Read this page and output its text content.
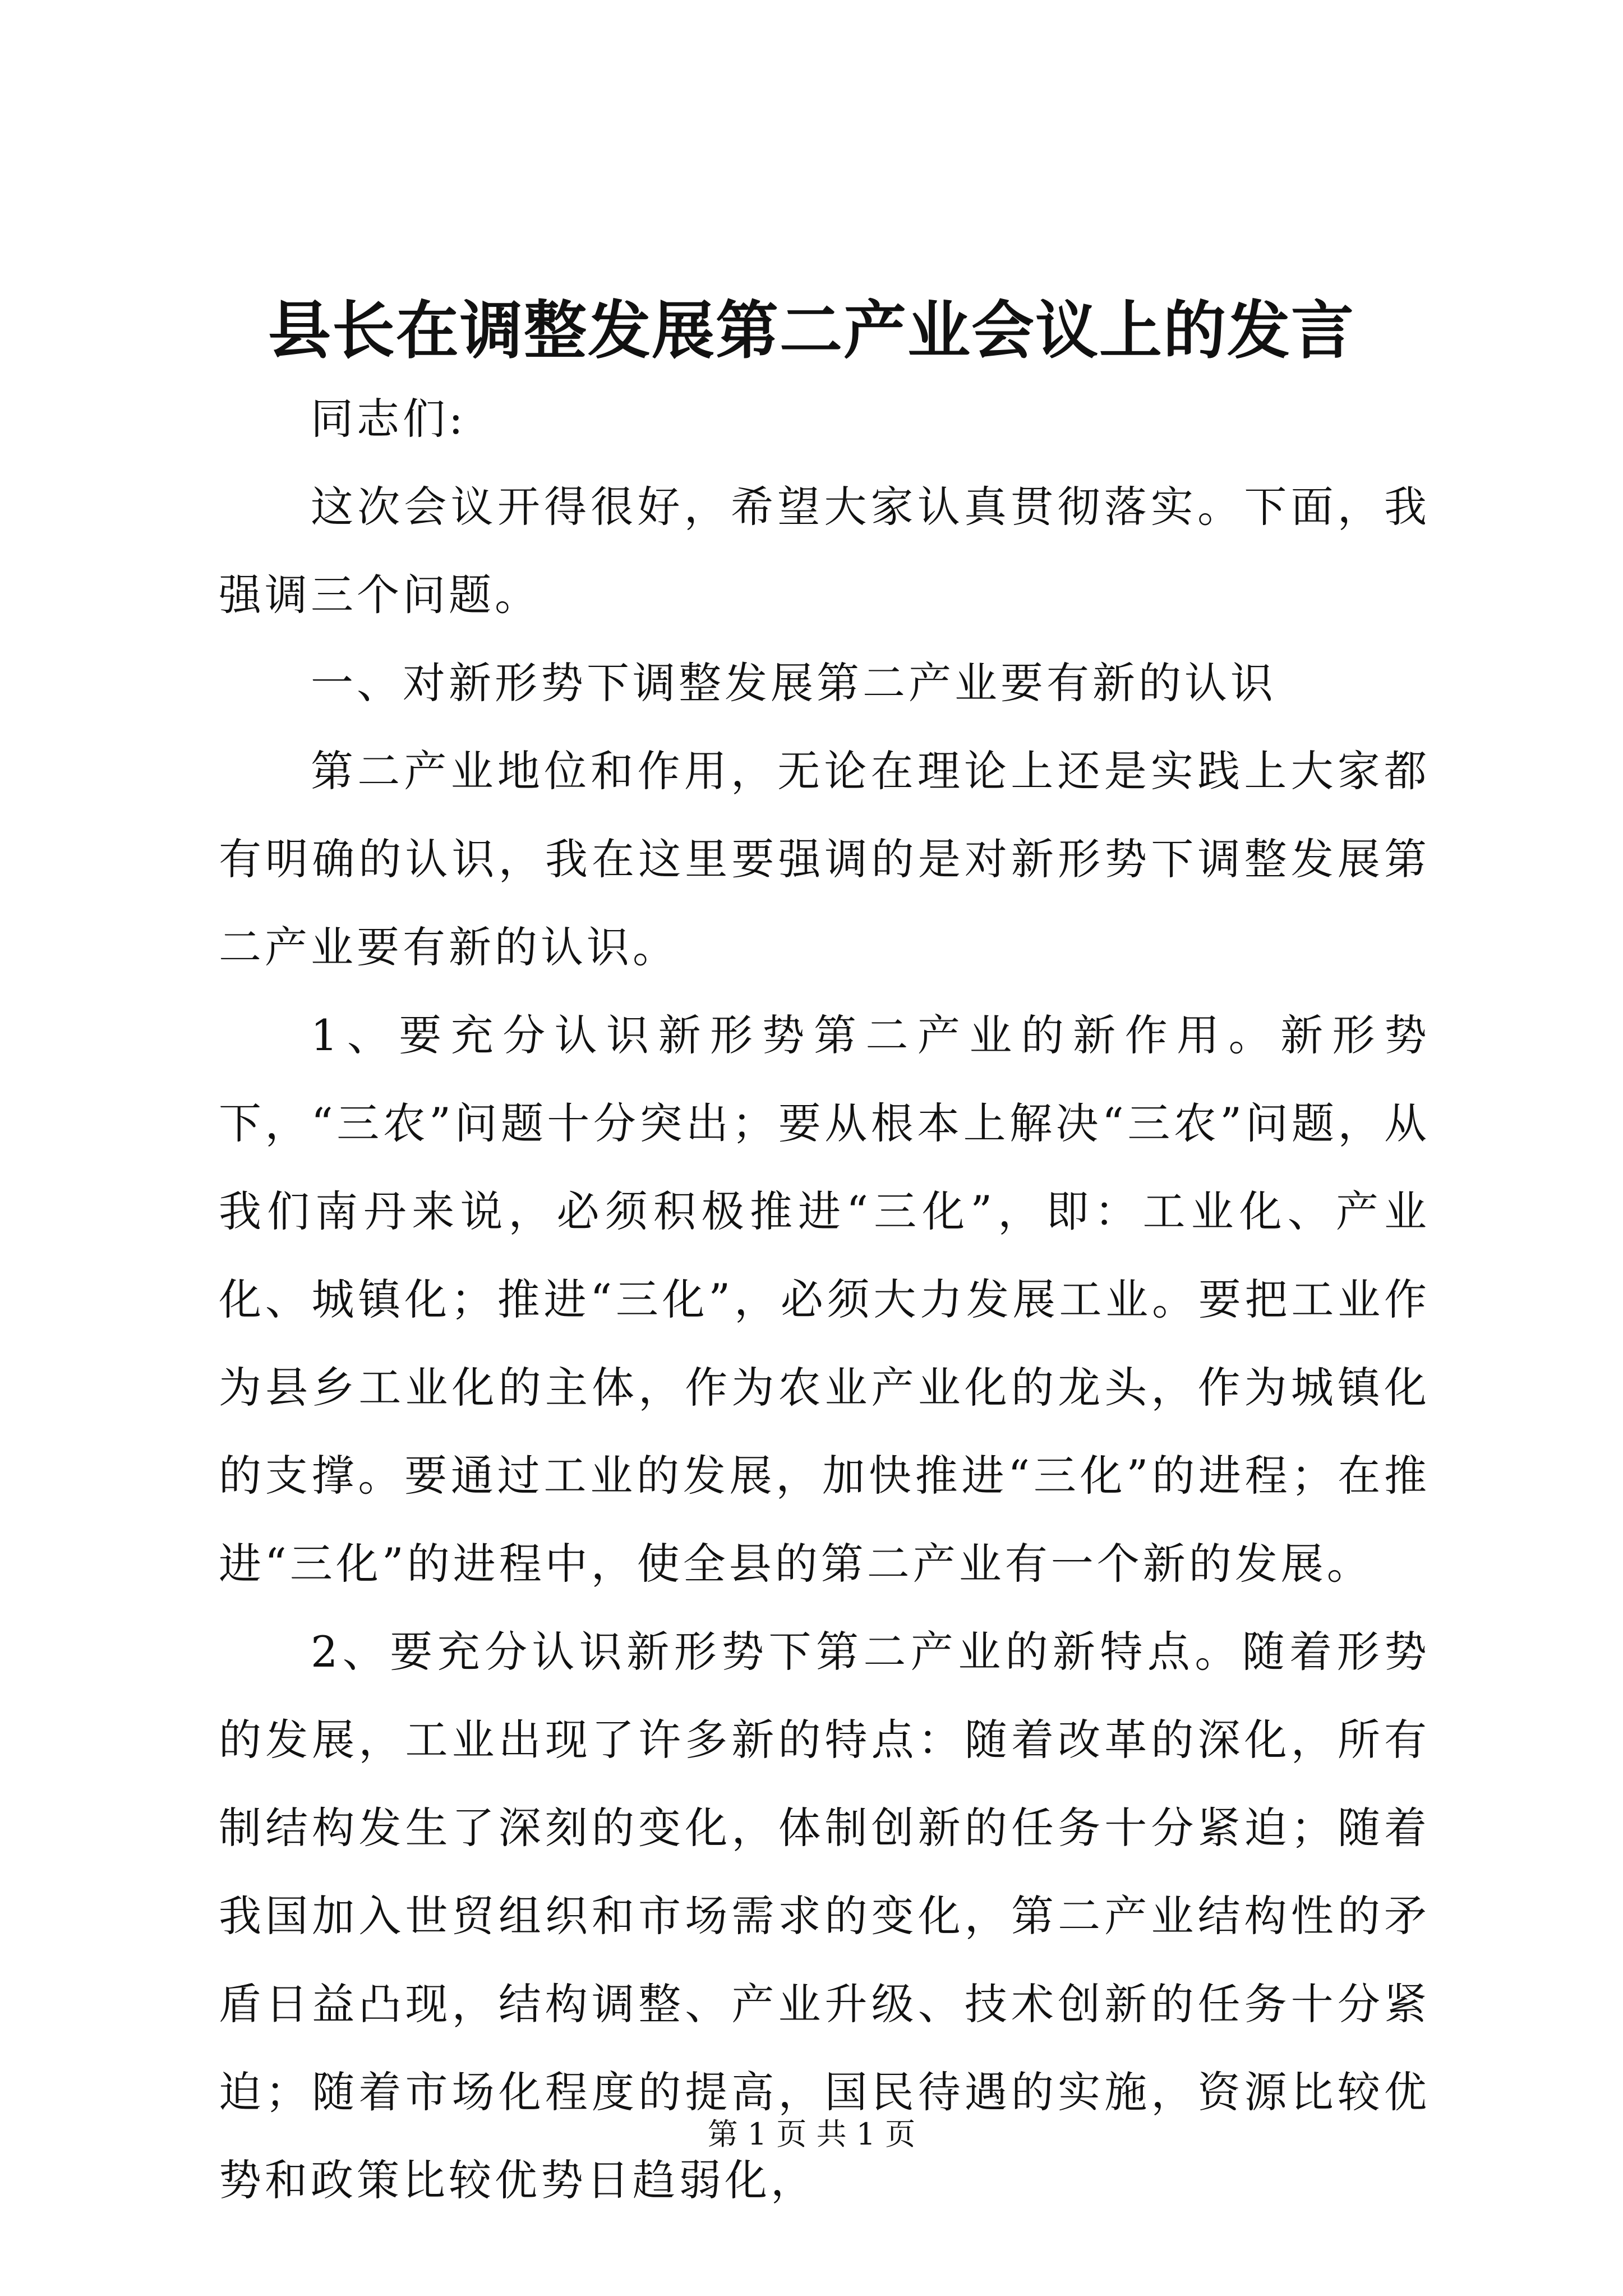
县长在调整发展第二产业会议上的发言

同志们:

这次会议开得很好，希望大家认真贯彻落实。下面，我强调三个问题。

一、对新形势下调整发展第二产业要有新的认识

第二产业地位和作用，无论在理论上还是实践上大家都有明确的认识，我在这里要强调的是对新形势下调整发展第二产业要有新的认识。

1、要充分认识新形势第二产业的新作用。新形势下，“三农”问题十分突出；要从根本上解决“三农”问题，从我们南丹来说，必须积极推进“三化”，即：工业化、产业化、城镇化；推进“三化”，必须大力发展工业。要把工业作为县乡工业化的主体，作为农业产业化的龙头，作为城镇化的支撑。要通过工业的发展，加快推进“三化”的进程；在推进“三化”的进程中，使全县的第二产业有一个新的发展。

2、要充分认识新形势下第二产业的新特点。随着形势的发展，工业出现了许多新的特点：随着改革的深化，所有制结构发生了深刻的变化，体制创新的任务十分紧迫；随着我国加入世贸组织和市场需求的变化，第二产业结构性的矛盾日益凸现，结构调整、产业升级、技术创新的任务十分紧迫；随着市场化程度的提高，国民待遇的实施，资源比较优势和政策比较优势日趋弱化，

第 1 页 共 1 页
